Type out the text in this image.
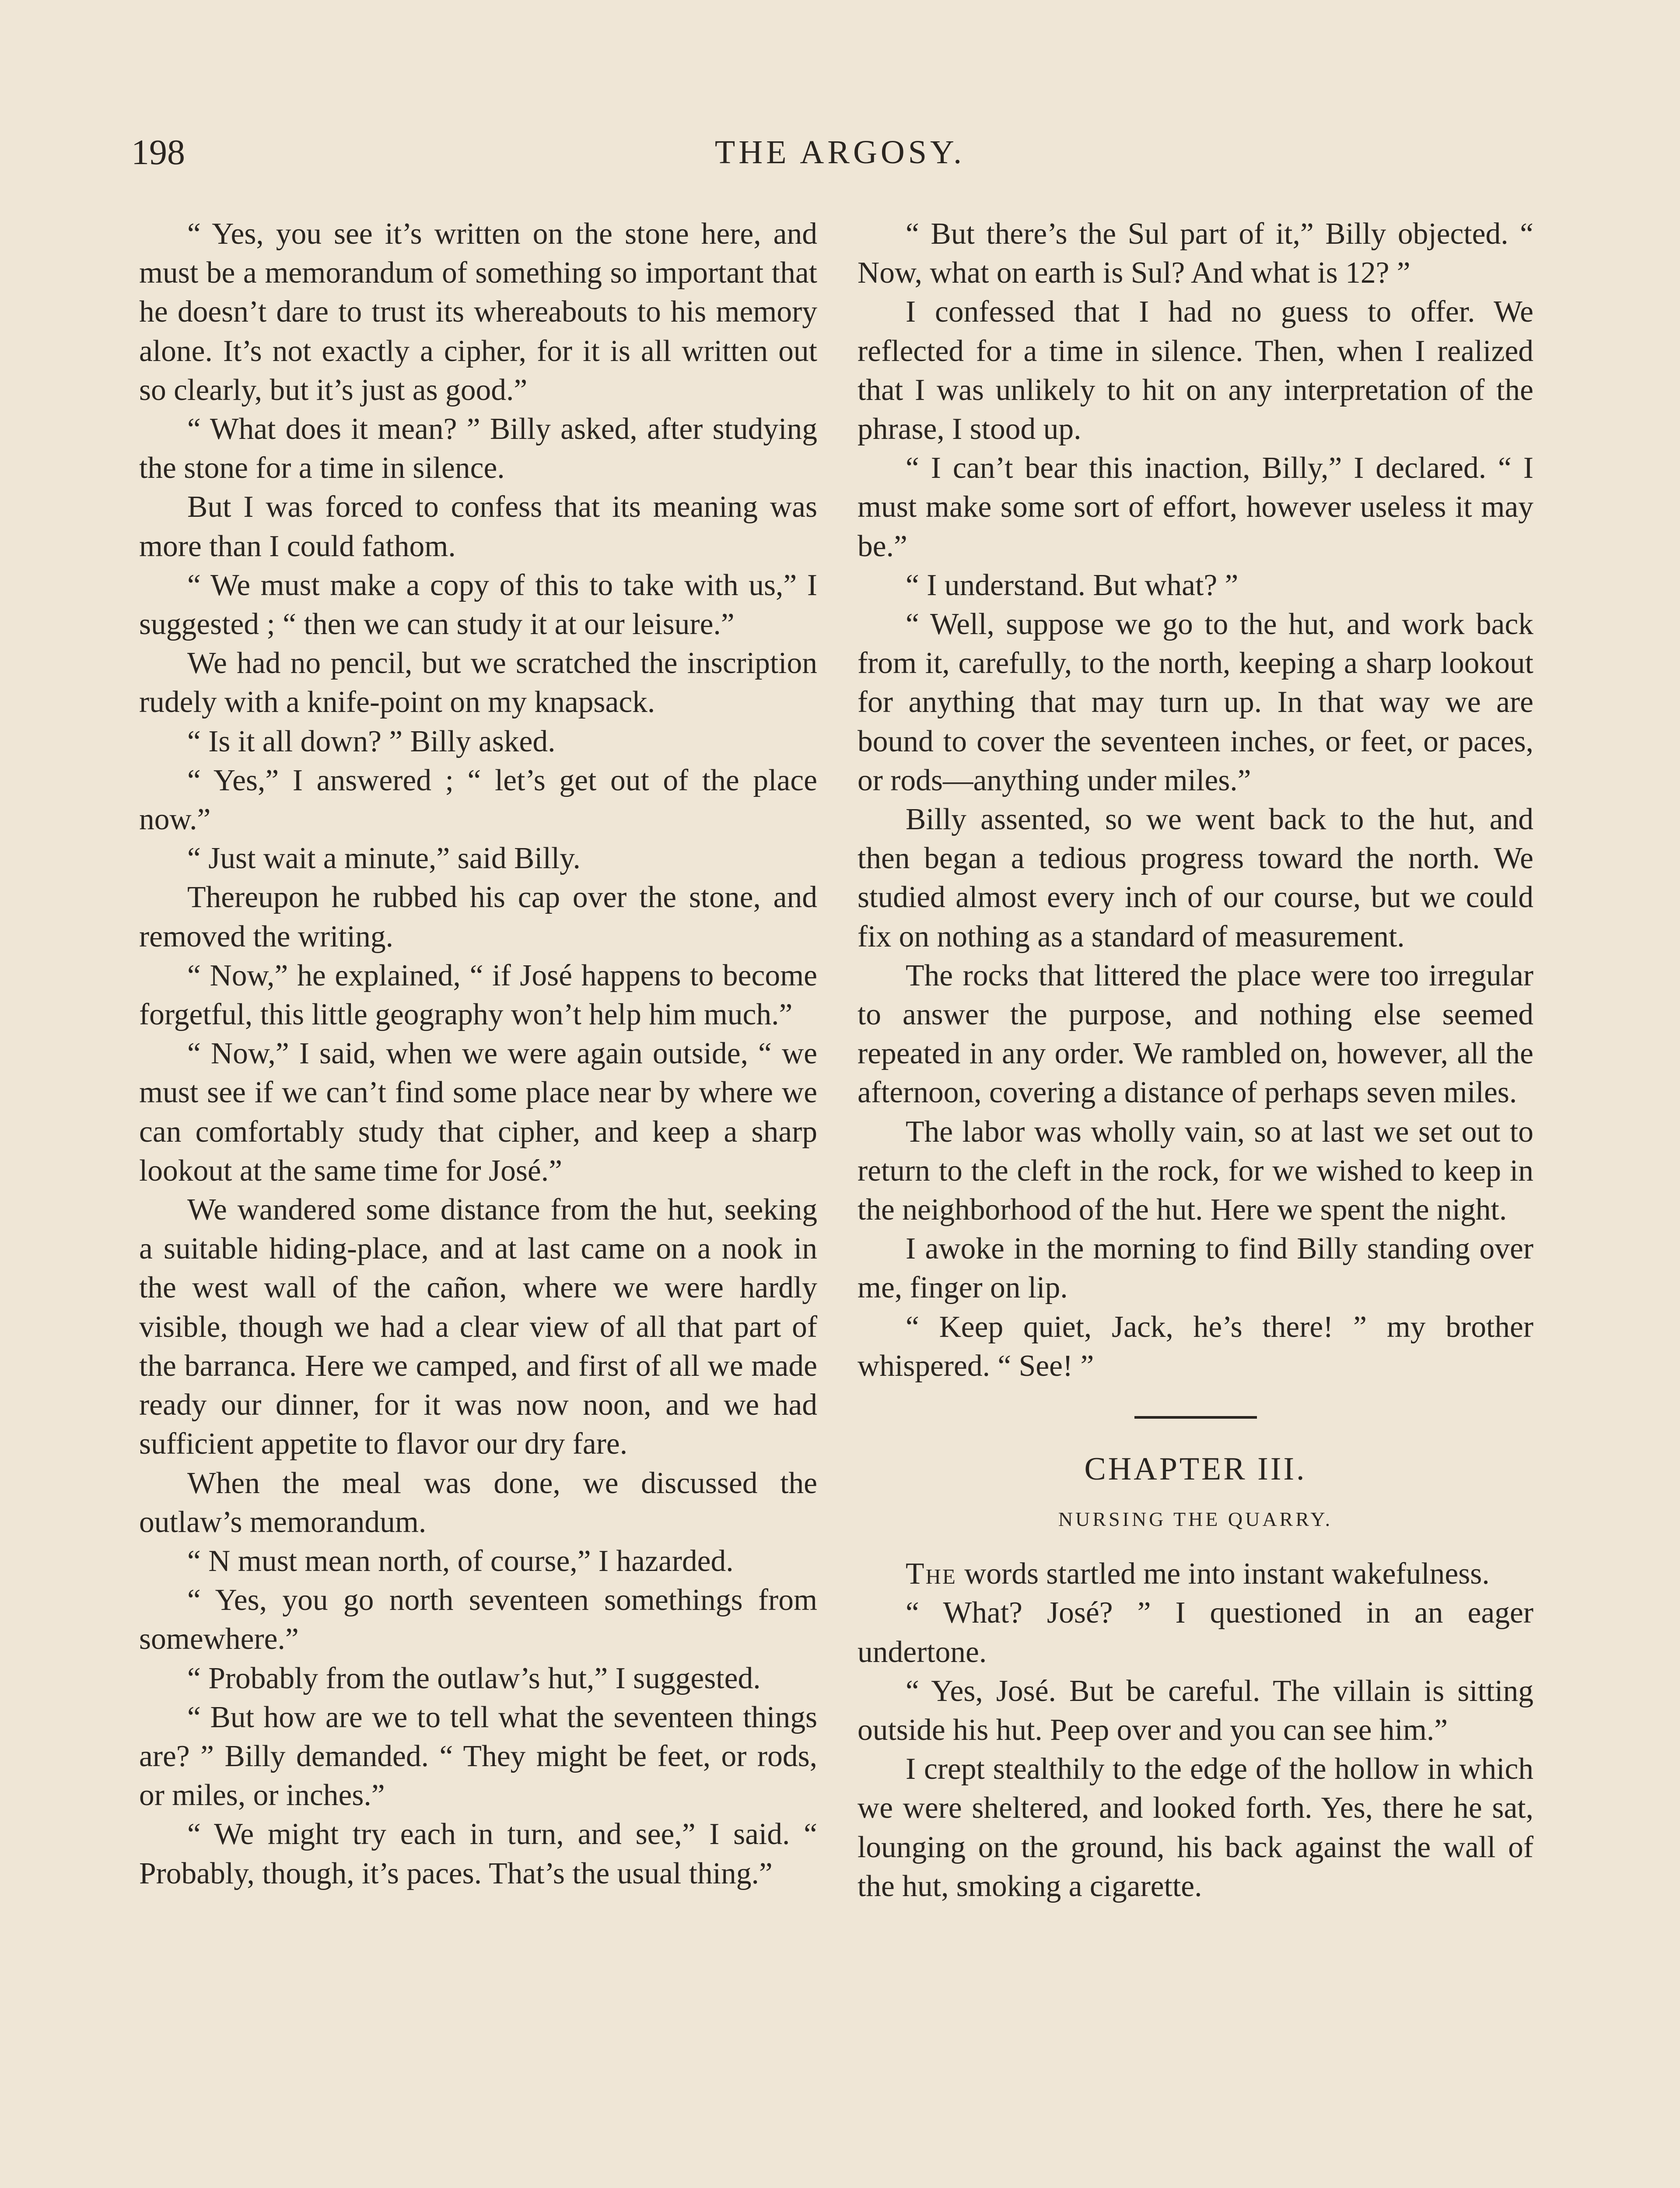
198	THE ARGOSY.

“ Yes, you see it’s written on the stone here, and must be a memorandum of something so important that he doesn’t dare to trust its whereabouts to his memory alone. It’s not exactly a cipher, for it is all written out so clearly, but it’s just as good.”

“ What does it mean? ” Billy asked, after studying the stone for a time in silence.

But I was forced to confess that its meaning was more than I could fathom.

“ We must make a copy of this to take with us,” I suggested ; “ then we can study it at our leisure.”

We had no pencil, but we scratched the inscription rudely with a knife-point on my knapsack.

“ Is it all down? ” Billy asked.

“ Yes,” I answered ; “ let’s get out of the place now.”

“ Just wait a minute,” said Billy.

Thereupon he rubbed his cap over the stone, and removed the writing.

“ Now,” he explained, “ if José happens to become forgetful, this little geography won’t help him much.”

“ Now,” I said, when we were again outside, “ we must see if we can’t find some place near by where we can comfortably study that cipher, and keep a sharp lookout at the same time for José.”

We wandered some distance from the hut, seeking a suitable hiding-place, and at last came on a nook in the west wall of the cañon, where we were hardly visible, though we had a clear view of all that part of the barranca. Here we camped, and first of all we made ready our dinner, for it was now noon, and we had sufficient appetite to flavor our dry fare.

When the meal was done, we discussed the outlaw’s memorandum.

“ N must mean north, of course,” I hazarded.

“ Yes, you go north seventeen somethings from somewhere.”

“ Probably from the outlaw’s hut,” I suggested.

“ But how are we to tell what the seventeen things are? ” Billy demanded. “ They might be feet, or rods, or miles, or inches.”

“ We might try each in turn, and see,” I said. “ Probably, though, it’s paces. That’s the usual thing.”

“ But there’s the Sul part of it,” Billy objected. “ Now, what on earth is Sul? And what is 12? ”

I confessed that I had no guess to offer. We reflected for a time in silence. Then, when I realized that I was unlikely to hit on any interpretation of the phrase, I stood up.

“ I can’t bear this inaction, Billy,” I declared. “ I must make some sort of effort, however useless it may be.”

“ I understand. But what? ”

“ Well, suppose we go to the hut, and work back from it, carefully, to the north, keeping a sharp lookout for anything that may turn up. In that way we are bound to cover the seventeen inches, or feet, or paces, or rods—anything under miles.”

Billy assented, so we went back to the hut, and then began a tedious progress toward the north. We studied almost every inch of our course, but we could fix on nothing as a standard of measurement.

The rocks that littered the place were too irregular to answer the purpose, and nothing else seemed repeated in any order. We rambled on, however, all the afternoon, covering a distance of perhaps seven miles.

The labor was wholly vain, so at last we set out to return to the cleft in the rock, for we wished to keep in the neighborhood of the hut. Here we spent the night.

I awoke in the morning to find Billy standing over me, finger on lip.

“ Keep quiet, Jack, he’s there! ” my brother whispered. “ See! ”

CHAPTER III.
NURSING THE QUARRY.

The words startled me into instant wakefulness.

“ What? José? ” I questioned in an eager undertone.

“ Yes, José. But be careful. The villain is sitting outside his hut. Peep over and you can see him.”

I crept stealthily to the edge of the hollow in which we were sheltered, and looked forth. Yes, there he sat, lounging on the ground, his back against the wall of the hut, smoking a cigarette.
